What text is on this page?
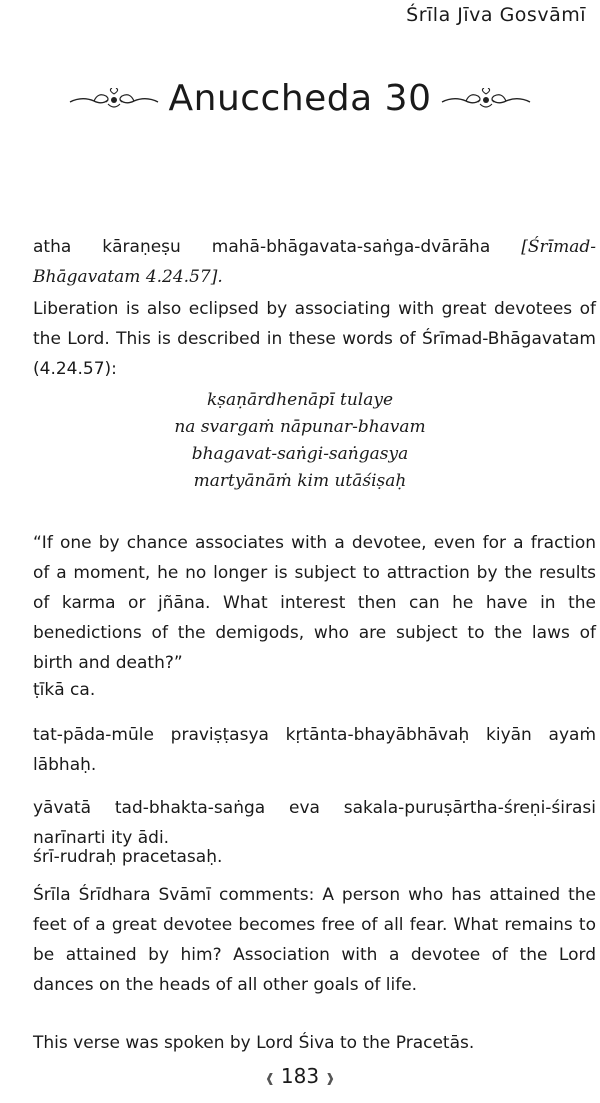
Śrīla Jīva Gosvāmī
Anuccheda 30
atha kāraṇeṣu mahā-bhāgavata-saṅga-dvārāha [Śrīmad-Bhāgavatam 4.24.57].
Liberation is also eclipsed by associating with great devotees of the Lord. This is described in these words of Śrīmad-Bhāgavatam (4.24.57):
kṣaṇārdhenāpī tulaye
na svargaṁ nāpunar-bhavam
bhagavat-saṅgi-saṅgasya
martyānāṁ kim utāśiṣaḥ
“If one by chance associates with a devotee, even for a fraction of a moment, he no longer is subject to attraction by the results of karma or jñāna. What interest then can he have in the benedictions of the demigods, who are subject to the laws of birth and death?”
ṭīkā ca.
tat-pāda-mūle praviṣṭasya kṛtānta-bhayābhāvaḥ kiyān ayaṁ lābhaḥ.
yāvatā tad-bhakta-saṅga eva sakala-puruṣārtha-śreṇi-śirasi narīnarti ity ādi.
śrī-rudraḥ pracetasaḥ.
Śrīla Śrīdhara Svāmī comments: A person who has attained the feet of a great devotee becomes free of all fear. What remains to be attained by him? Association with a devotee of the Lord dances on the heads of all other goals of life.
This verse was spoken by Lord Śiva to the Pracetās.
❰ 183 ❱
